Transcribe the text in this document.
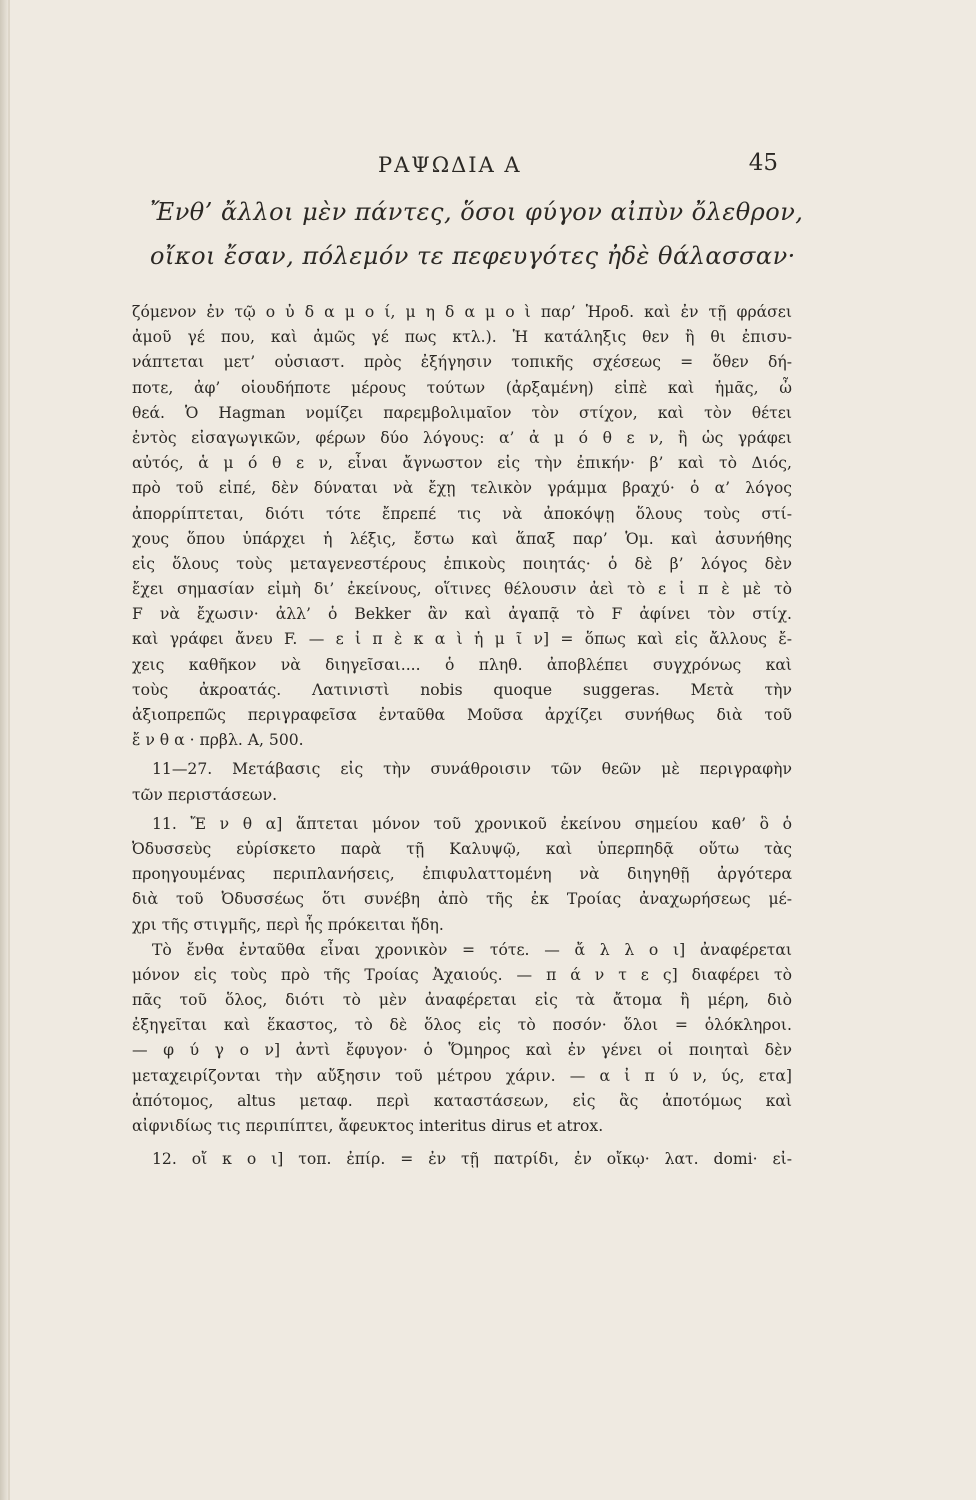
ΡΑΨΩΔΙΑ Α	45
Ἔνθ’ ἄλλοι μὲν πάντες, ὅσοι φύγον αἰπὺν ὄλεθρον,
οἴκοι ἔσαν, πόλεμόν τε πεφευγότες ἠδὲ θάλασσαν·
ζόμενον ἐν τῷ ο ὐ δ α μ ο ί, μ η δ α μ ο ὶ παρ’ Ἡροδ. καὶ ἐν τῇ φράσει
ἀμοῦ γέ που, καὶ ἀμῶς γέ πως κτλ.). Ἡ κατάληξις θεν ἢ θι ἐπισυ-
νάπτεται μετ’ οὐσιαστ. πρὸς ἐξήγησιν τοπικῆς σχέσεως = ὅθεν δή-
ποτε, ἀφ’ οἱουδήποτε μέρους τούτων (ἀρξαμένη) εἰπὲ καὶ ἡμᾶς, ὦ
θεά. Ὁ Hagman νομίζει παρεμβολιμαῖον τὸν στίχον, καὶ τὸν θέτει
ἐντὸς εἰσαγωγικῶν, φέρων δύο λόγους: α’ ἀ μ ό θ ε ν, ἢ ὡς γράφει
αὐτός, ἁ μ ό θ ε ν, εἶναι ἄγνωστον εἰς τὴν ἐπικήν· β’ καὶ τὸ Διός,
πρὸ τοῦ εἰπέ, δὲν δύναται νὰ ἔχῃ τελικὸν γράμμα βραχύ· ὁ α’ λόγος
ἀπορρίπτεται, διότι τότε ἔπρεπέ τις νὰ ἀποκόψῃ ὅλους τοὺς στί-
χους ὅπου ὑπάρχει ἡ λέξις, ἔστω καὶ ἅπαξ παρ’ Ὁμ. καὶ ἀσυνήθης
εἰς ὅλους τοὺς μεταγενεστέρους ἐπικοὺς ποιητάς· ὁ δὲ β’ λόγος δὲν
ἔχει σημασίαν εἰμὴ δι’ ἐκείνους, οἵτινες θέλουσιν ἀεὶ τὸ ε ἰ π ὲ μὲ τὸ
F νὰ ἔχωσιν· ἀλλ’ ὁ Bekker ἂν καὶ ἀγαπᾷ τὸ F ἀφίνει τὸν στίχ.
καὶ γράφει ἄνευ F. — ε ἰ π ὲ κ α ὶ ἡ μ ῖ ν] = ὅπως καὶ εἰς ἄλλους ἔ-
χεις καθῆκον νὰ διηγεῖσαι.... ὁ πληθ. ἀποβλέπει συγχρόνως καὶ
τοὺς ἀκροατάς. Λατινιστὶ nobis quoque suggeras. Μετὰ τὴν
ἀξιοπρεπῶς περιγραφεῖσα ἐνταῦθα Μοῦσα ἀρχίζει συνήθως διὰ τοῦ
ἔ ν θ α · πρβλ. Α, 500.
11—27. Μετάβασις εἰς τὴν συνάθροισιν τῶν θεῶν μὲ περιγραφὴν
τῶν περιστάσεων.
11. Ἔ ν θ α] ἅπτεται μόνον τοῦ χρονικοῦ ἐκείνου σημείου καθ’ ὃ ὁ
Ὀδυσσεὺς εὑρίσκετο παρὰ τῇ Καλυψῷ, καὶ ὑπερπηδᾷ οὕτω τὰς
προηγουμένας περιπλανήσεις, ἐπιφυλαττομένη νὰ διηγηθῇ ἀργότερα
διὰ τοῦ Ὀδυσσέως ὅτι συνέβη ἀπὸ τῆς ἐκ Τροίας ἀναχωρήσεως μέ-
χρι τῆς στιγμῆς, περὶ ἧς πρόκειται ἤδη.
Τὸ ἔνθα ἐνταῦθα εἶναι χρονικὸν = τότε. — ἄ λ λ ο ι] ἀναφέρεται
μόνον εἰς τοὺς πρὸ τῆς Τροίας Ἀχαιούς. — π ά ν τ ε ς] διαφέρει τὸ
πᾶς τοῦ ὅλος, διότι τὸ μὲν ἀναφέρεται εἰς τὰ ἄτομα ἢ μέρη, διὸ
ἐξηγεῖται καὶ ἕκαστος, τὸ δὲ ὅλος εἰς τὸ ποσόν· ὅλοι = ὁλόκληροι.
— φ ύ γ ο ν] ἀντὶ ἔφυγον· ὁ Ὅμηρος καὶ ἐν γένει οἱ ποιηταὶ δὲν
μεταχειρίζονται τὴν αὔξησιν τοῦ μέτρου χάριν. — α ἰ π ύ ν, ύς, ετα]
ἀπότομος, altus μεταφ. περὶ καταστάσεων, εἰς ἃς ἀποτόμως καὶ
αἰφνιδίως τις περιπίπτει, ἄφευκτος interitus dirus et atrox.
12. οἴ κ ο ι] τοπ. ἐπίρ. = ἐν τῇ πατρίδι, ἐν οἴκῳ· λατ. domi· εἰ-
